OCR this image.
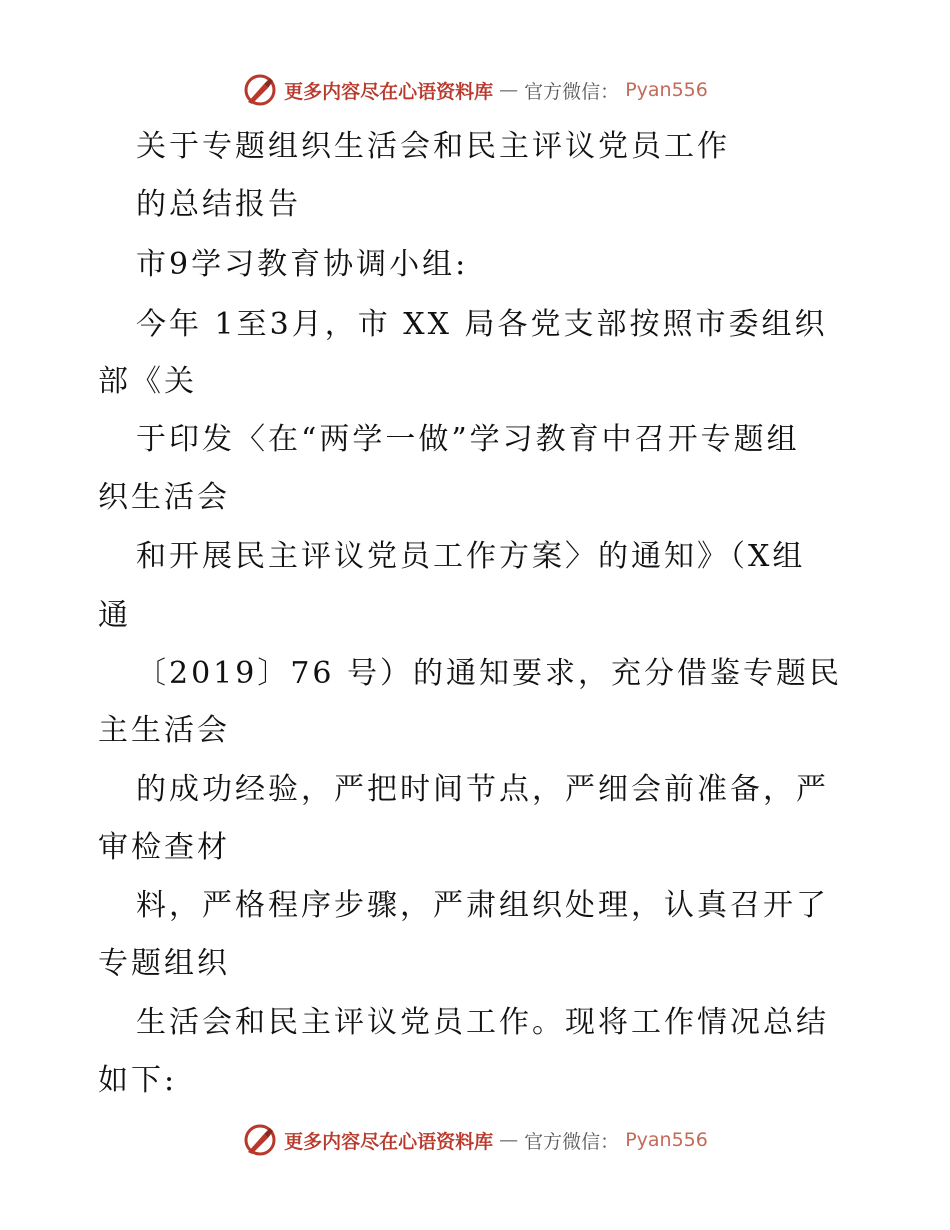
更多内容尽在心语资料库 — 官方微信： Pyan556
关于专题组织生活会和民主评议党员工作
的总结报告
市9学习教育协调小组:
今年 1至3月，市 XX 局各党支部按照市委组织
部《关
于印发〈在“两学一做”学习教育中召开专题组
织生活会
和开展民主评议党员工作方案〉的通知》（X组
通
〔2019〕76 号）的通知要求，充分借鉴专题民
主生活会
的成功经验，严把时间节点，严细会前准备，严
审检查材
料，严格程序步骤，严肃组织处理，认真召开了
专题组织
生活会和民主评议党员工作。现将工作情况总结
如下:
更多内容尽在心语资料库 — 官方微信： Pyan556
